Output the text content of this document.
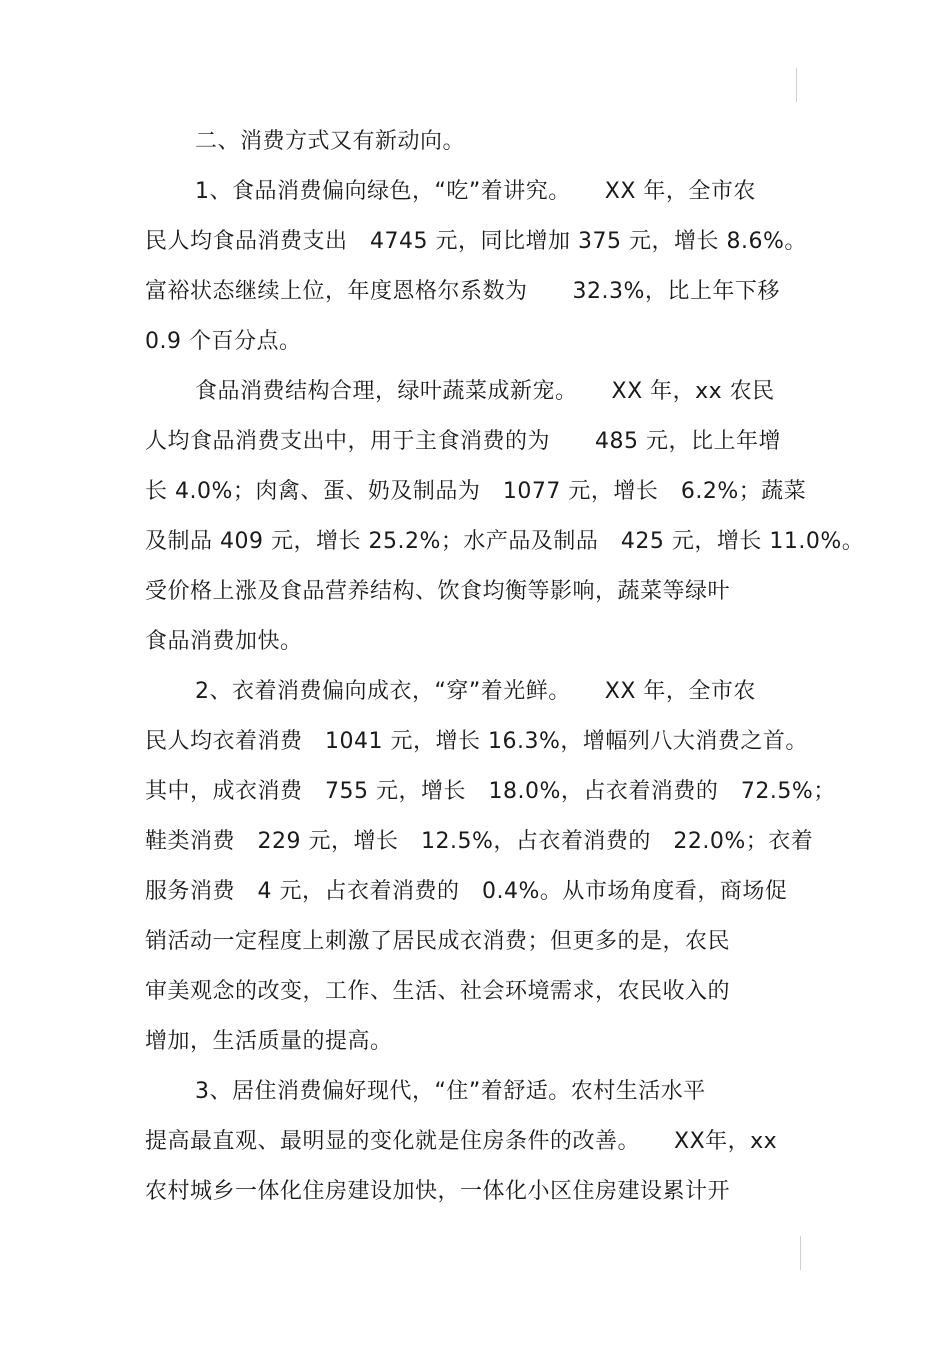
二、消费方式又有新动向。
1、食品消费偏向绿色，“吃”着讲究。　　XX 年，全市农
民人均食品消费支出　4745 元，同比增加 375 元，增长 8.6%。
富裕状态继续上位，年度恩格尔系数为　　32.3%，比上年下移
0.9 个百分点。
食品消费结构合理，绿叶蔬菜成新宠。　　XX 年，xx 农民
人均食品消费支出中，用于主食消费的为　　485 元，比上年增
长 4.0%；肉禽、蛋、奶及制品为　1077 元，增长　6.2%；蔬菜
及制品 409 元，增长 25.2%；水产品及制品　425 元，增长 11.0%。
受价格上涨及食品营养结构、饮食均衡等影响，蔬菜等绿叶
食品消费加快。
2、衣着消费偏向成衣，“穿”着光鲜。　　XX 年，全市农
民人均衣着消费　1041 元，增长 16.3%，增幅列八大消费之首。
其中，成衣消费　755 元，增长　18.0%，占衣着消费的　72.5%；
鞋类消费　229 元，增长　12.5%，占衣着消费的　22.0%；衣着
服务消费　4 元，占衣着消费的　0.4%。从市场角度看，商场促
销活动一定程度上刺激了居民成衣消费；但更多的是，农民
审美观念的改变，工作、生活、社会环境需求，农民收入的
增加，生活质量的提高。
3、居住消费偏好现代，“住”着舒适。农村生活水平
提高最直观、最明显的变化就是住房条件的改善。　　XX年，xx
农村城乡一体化住房建设加快，一体化小区住房建设累计开
